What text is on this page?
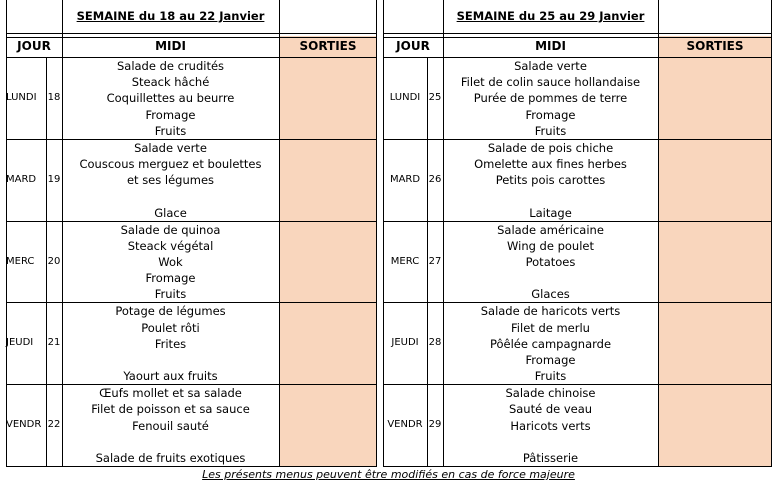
SEMAINE du 18 au 22 Janvier
JOUR	MIDI	SORTIES
LUNDI	18
Salade de crudités
Steack hâché
Coquillettes au beurre
Fromage
Fruits
MARD	19
Salade verte
Couscous merguez et boulettes
et ses légumes
Glace
MERC	20
Salade de quinoa
Steack végétal
Wok
Fromage
Fruits
JEUDI	21
Potage de légumes
Poulet rôti
Frites
Yaourt aux fruits
VENDR 22
Œufs mollet et sa salade
Filet de poisson et sa sauce
Fenouil sauté
Salade de fruits exotiques
SEMAINE du 25 au 29 Janvier
JOUR	MIDI	SORTIES
LUNDI 25
Salade verte
Filet de colin sauce hollandaise
Purée de pommes de terre
Fromage
Fruits
MARD 26
Salade de pois chiche
Omelette aux fines herbes
Petits pois carottes
Laitage
MERC 27
Salade américaine
Wing de poulet
Potatoes
Glaces
JEUDI	28
Salade de haricots verts
Filet de merlu
Pôêlée campagnarde
Fromage
Fruits
VENDR 29
Salade chinoise
Sauté de veau
Haricots verts
Pâtisserie
Les présents menus peuvent être modifiés en cas de force majeure
